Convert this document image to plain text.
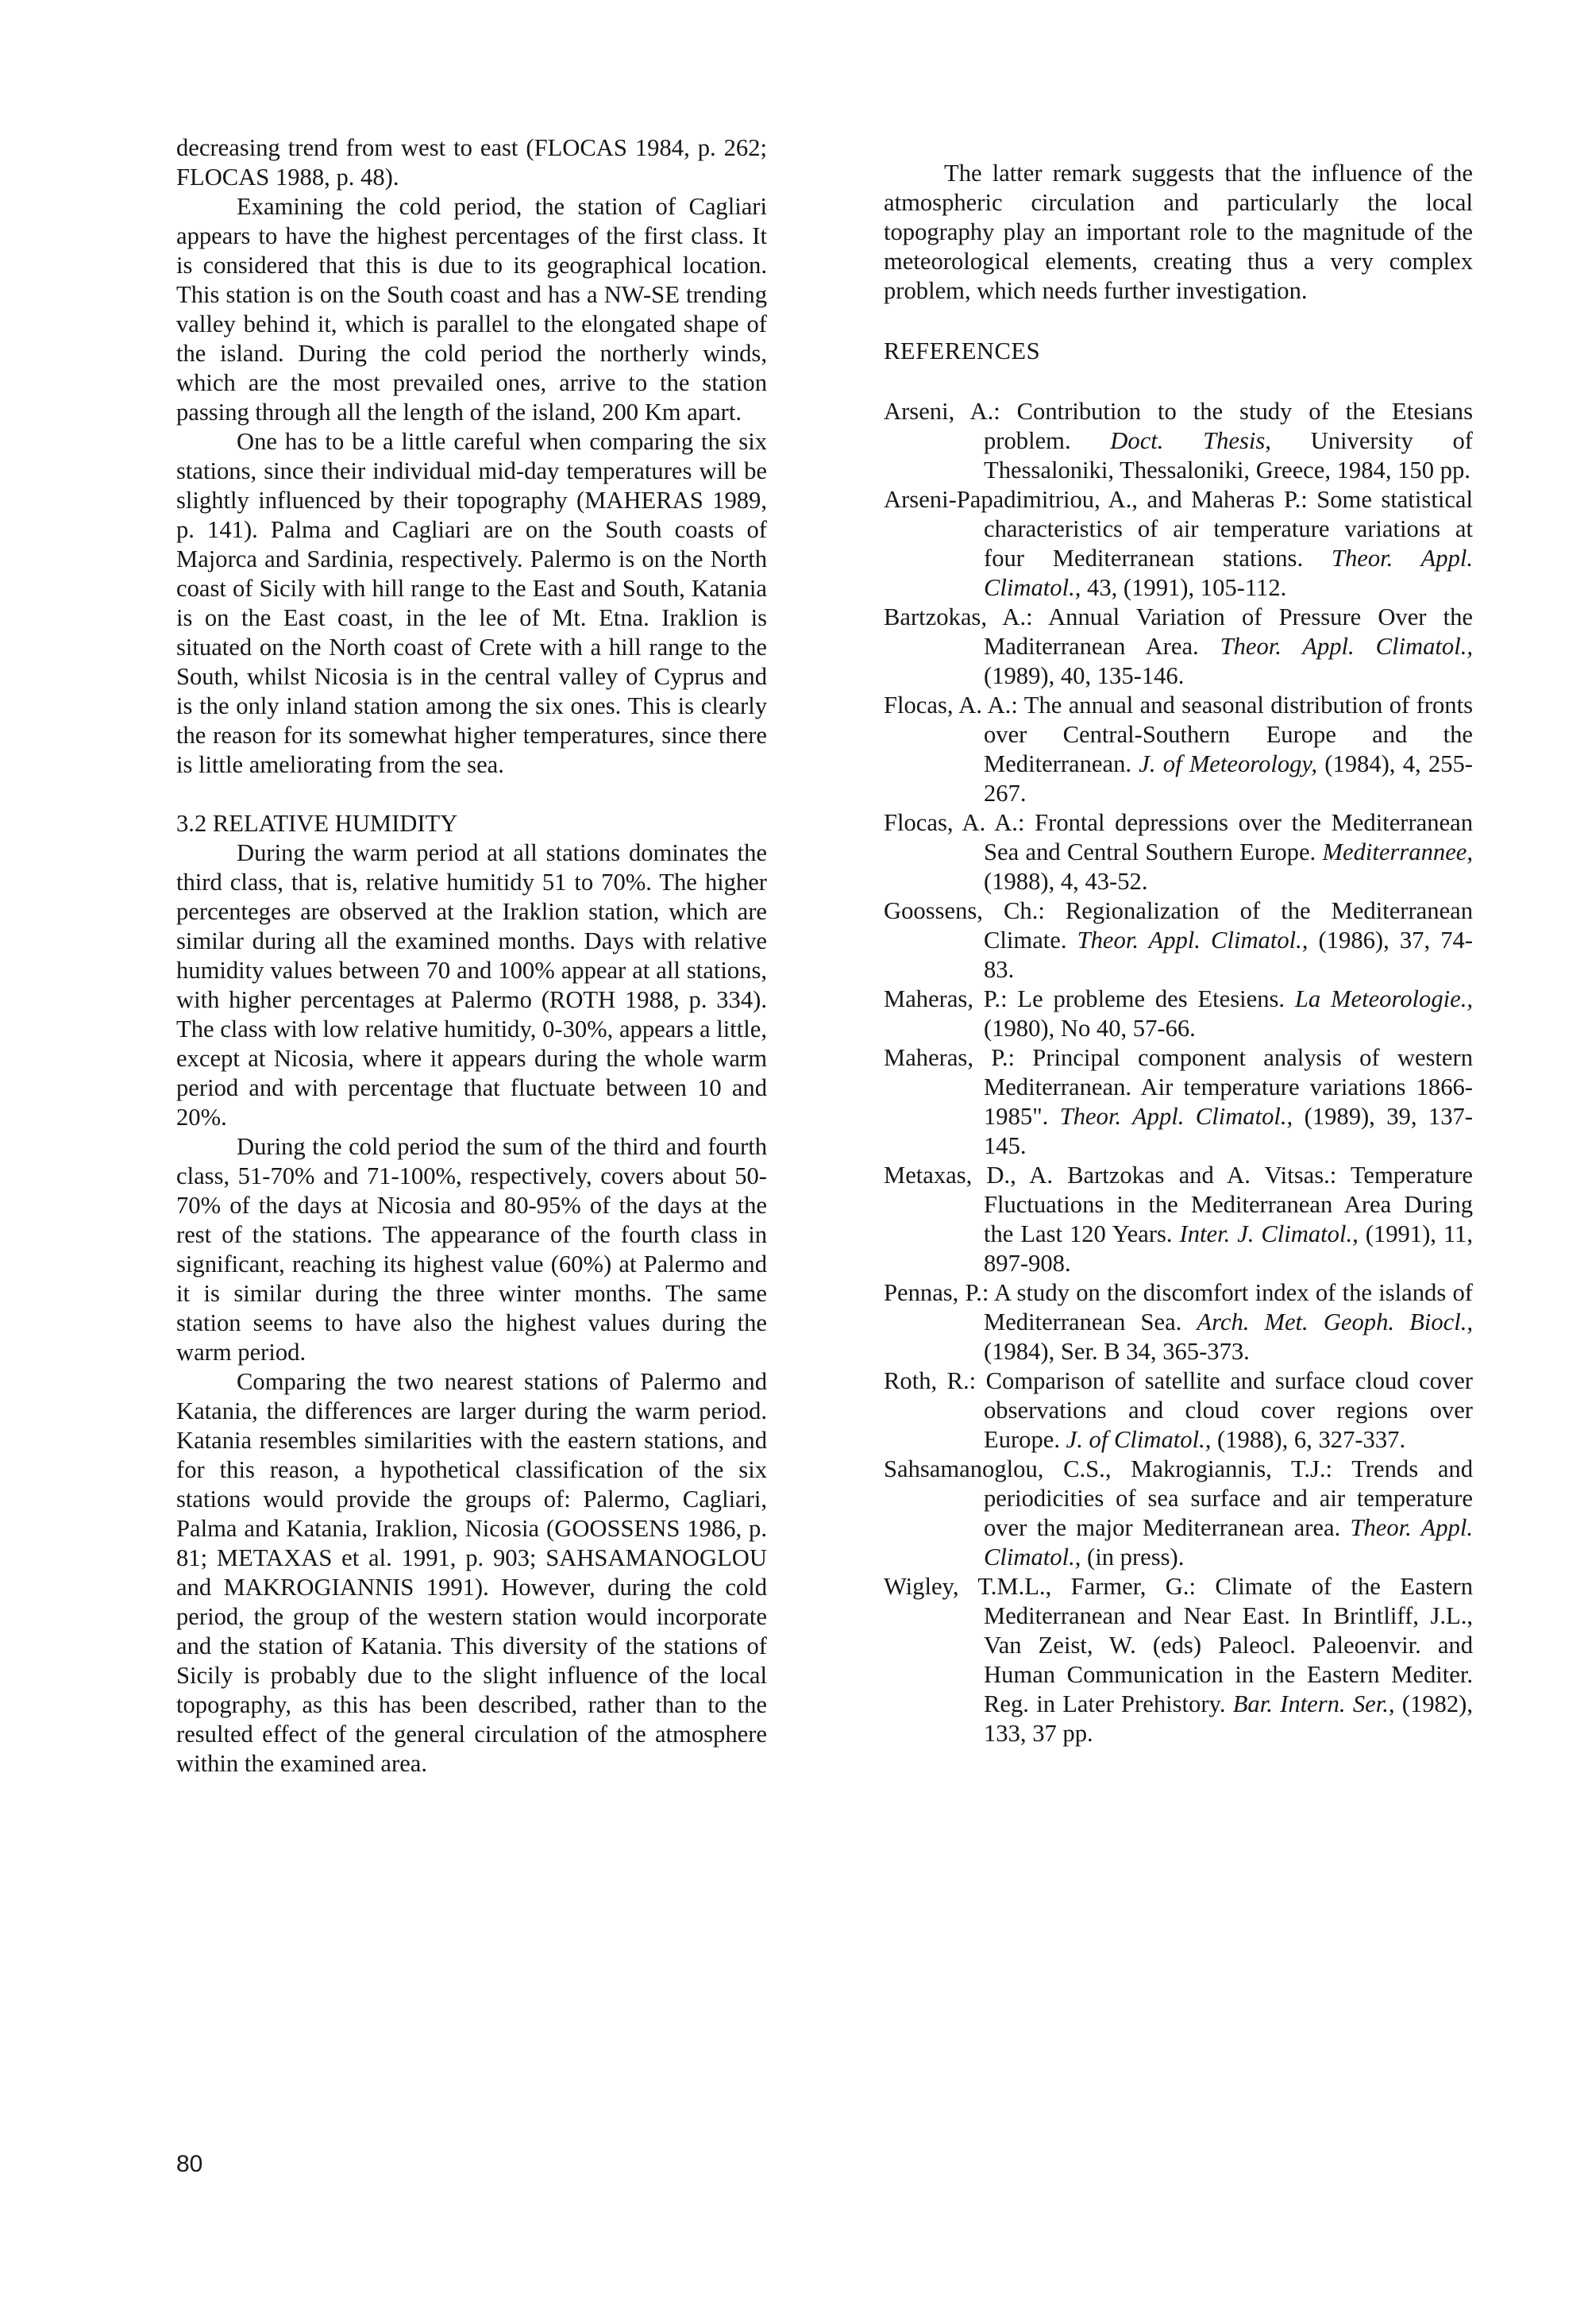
decreasing trend from west to east (FLOCAS 1984, p. 262; FLOCAS 1988, p. 48).

Examining the cold period, the station of Cagliari appears to have the highest percentages of the first class. It is considered that this is due to its geographical location. This station is on the South coast and has a NW-SE trending valley behind it, which is parallel to the elongated shape of the island. During the cold period the northerly winds, which are the most prevailed ones, arrive to the station passing through all the length of the island, 200 Km apart.

One has to be a little careful when comparing the six stations, since their individual mid-day temperatures will be slightly influenced by their topography (MAHERAS 1989, p. 141). Palma and Cagliari are on the South coasts of Majorca and Sardinia, respectively. Palermo is on the North coast of Sicily with hill range to the East and South, Katania is on the East coast, in the lee of Mt. Etna. Iraklion is situated on the North coast of Crete with a hill range to the South, whilst Nicosia is in the central valley of Cyprus and is the only inland station among the six ones. This is clearly the reason for its somewhat higher temperatures, since there is little ameliorating from the sea.

3.2 RELATIVE HUMIDITY

During the warm period at all stations dominates the third class, that is, relative humitidy 51 to 70%. The higher percenteges are observed at the Iraklion station, which are similar during all the examined months. Days with relative humidity values between 70 and 100% appear at all stations, with higher percentages at Palermo (ROTH 1988, p. 334). The class with low relative humitidy, 0-30%, appears a little, except at Nicosia, where it appears during the whole warm period and with percentage that fluctuate between 10 and 20%.

During the cold period the sum of the third and fourth class, 51-70% and 71-100%, respectively, covers about 50-70% of the days at Nicosia and 80-95% of the days at the rest of the stations. The appearance of the fourth class in significant, reaching its highest value (60%) at Palermo and it is similar during the three winter months. The same station seems to have also the highest values during the warm period.

Comparing the two nearest stations of Palermo and Katania, the differences are larger during the warm period. Katania resembles similarities with the eastern stations, and for this reason, a hypothetical classification of the six stations would provide the groups of: Palermo, Cagliari, Palma and Katania, Iraklion, Nicosia (GOOSSENS 1986, p. 81; METAXAS et al. 1991, p. 903; SAHSAMANOGLOU and MAKROGIANNIS 1991). However, during the cold period, the group of the western station would incorporate and the station of Katania. This diversity of the stations of Sicily is probably due to the slight influence of the local topography, as this has been described, rather than to the resulted effect of the general circulation of the atmosphere within the examined area.

The latter remark suggests that the influence of the atmospheric circulation and particularly the local topography play an important role to the magnitude of the meteorological elements, creating thus a very complex problem, which needs further investigation.

REFERENCES

Arseni, A.: Contribution to the study of the Etesians problem. Doct. Thesis, University of Thessaloniki, Thessaloniki, Greece, 1984, 150 pp.

Arseni-Papadimitriou, A., and Maheras P.: Some statistical characteristics of air temperature variations at four Mediterranean stations. Theor. Appl. Climatol., 43, (1991), 105-112.

Bartzokas, A.: Annual Variation of Pressure Over the Maditerranean Area. Theor. Appl. Climatol., (1989), 40, 135-146.

Flocas, A. A.: The annual and seasonal distribution of fronts over Central-Southern Europe and the Mediterranean. J. of Meteorology, (1984), 4, 255-267.

Flocas, A. A.: Frontal depressions over the Mediterranean Sea and Central Southern Europe. Mediterrannee, (1988), 4, 43-52.

Goossens, Ch.: Regionalization of the Mediterranean Climate. Theor. Appl. Climatol., (1986), 37, 74-83.

Maheras, P.: Le probleme des Etesiens. La Meteorologie., (1980), No 40, 57-66.

Maheras, P.: Principal component analysis of western Mediterranean. Air temperature variations 1866-1985". Theor. Appl. Climatol., (1989), 39, 137-145.

Metaxas, D., A. Bartzokas and A. Vitsas.: Temperature Fluctuations in the Mediterranean Area During the Last 120 Years. Inter. J. Climatol., (1991), 11, 897-908.

Pennas, P.: A study on the discomfort index of the islands of Mediterranean Sea. Arch. Met. Geoph. Biocl., (1984), Ser. B 34, 365-373.

Roth, R.: Comparison of satellite and surface cloud cover observations and cloud cover regions over Europe. J. of Climatol., (1988), 6, 327-337.

Sahsamanoglou, C.S., Makrogiannis, T.J.: Trends and periodicities of sea surface and air temperature over the major Mediterranean area. Theor. Appl. Climatol., (in press).

Wigley, T.M.L., Farmer, G.: Climate of the Eastern Mediterranean and Near East. In Brintliff, J.L., Van Zeist, W. (eds) Paleocl. Paleoenvir. and Human Communication in the Eastern Mediter. Reg. in Later Prehistory. Bar. Intern. Ser., (1982), 133, 37 pp.

80
